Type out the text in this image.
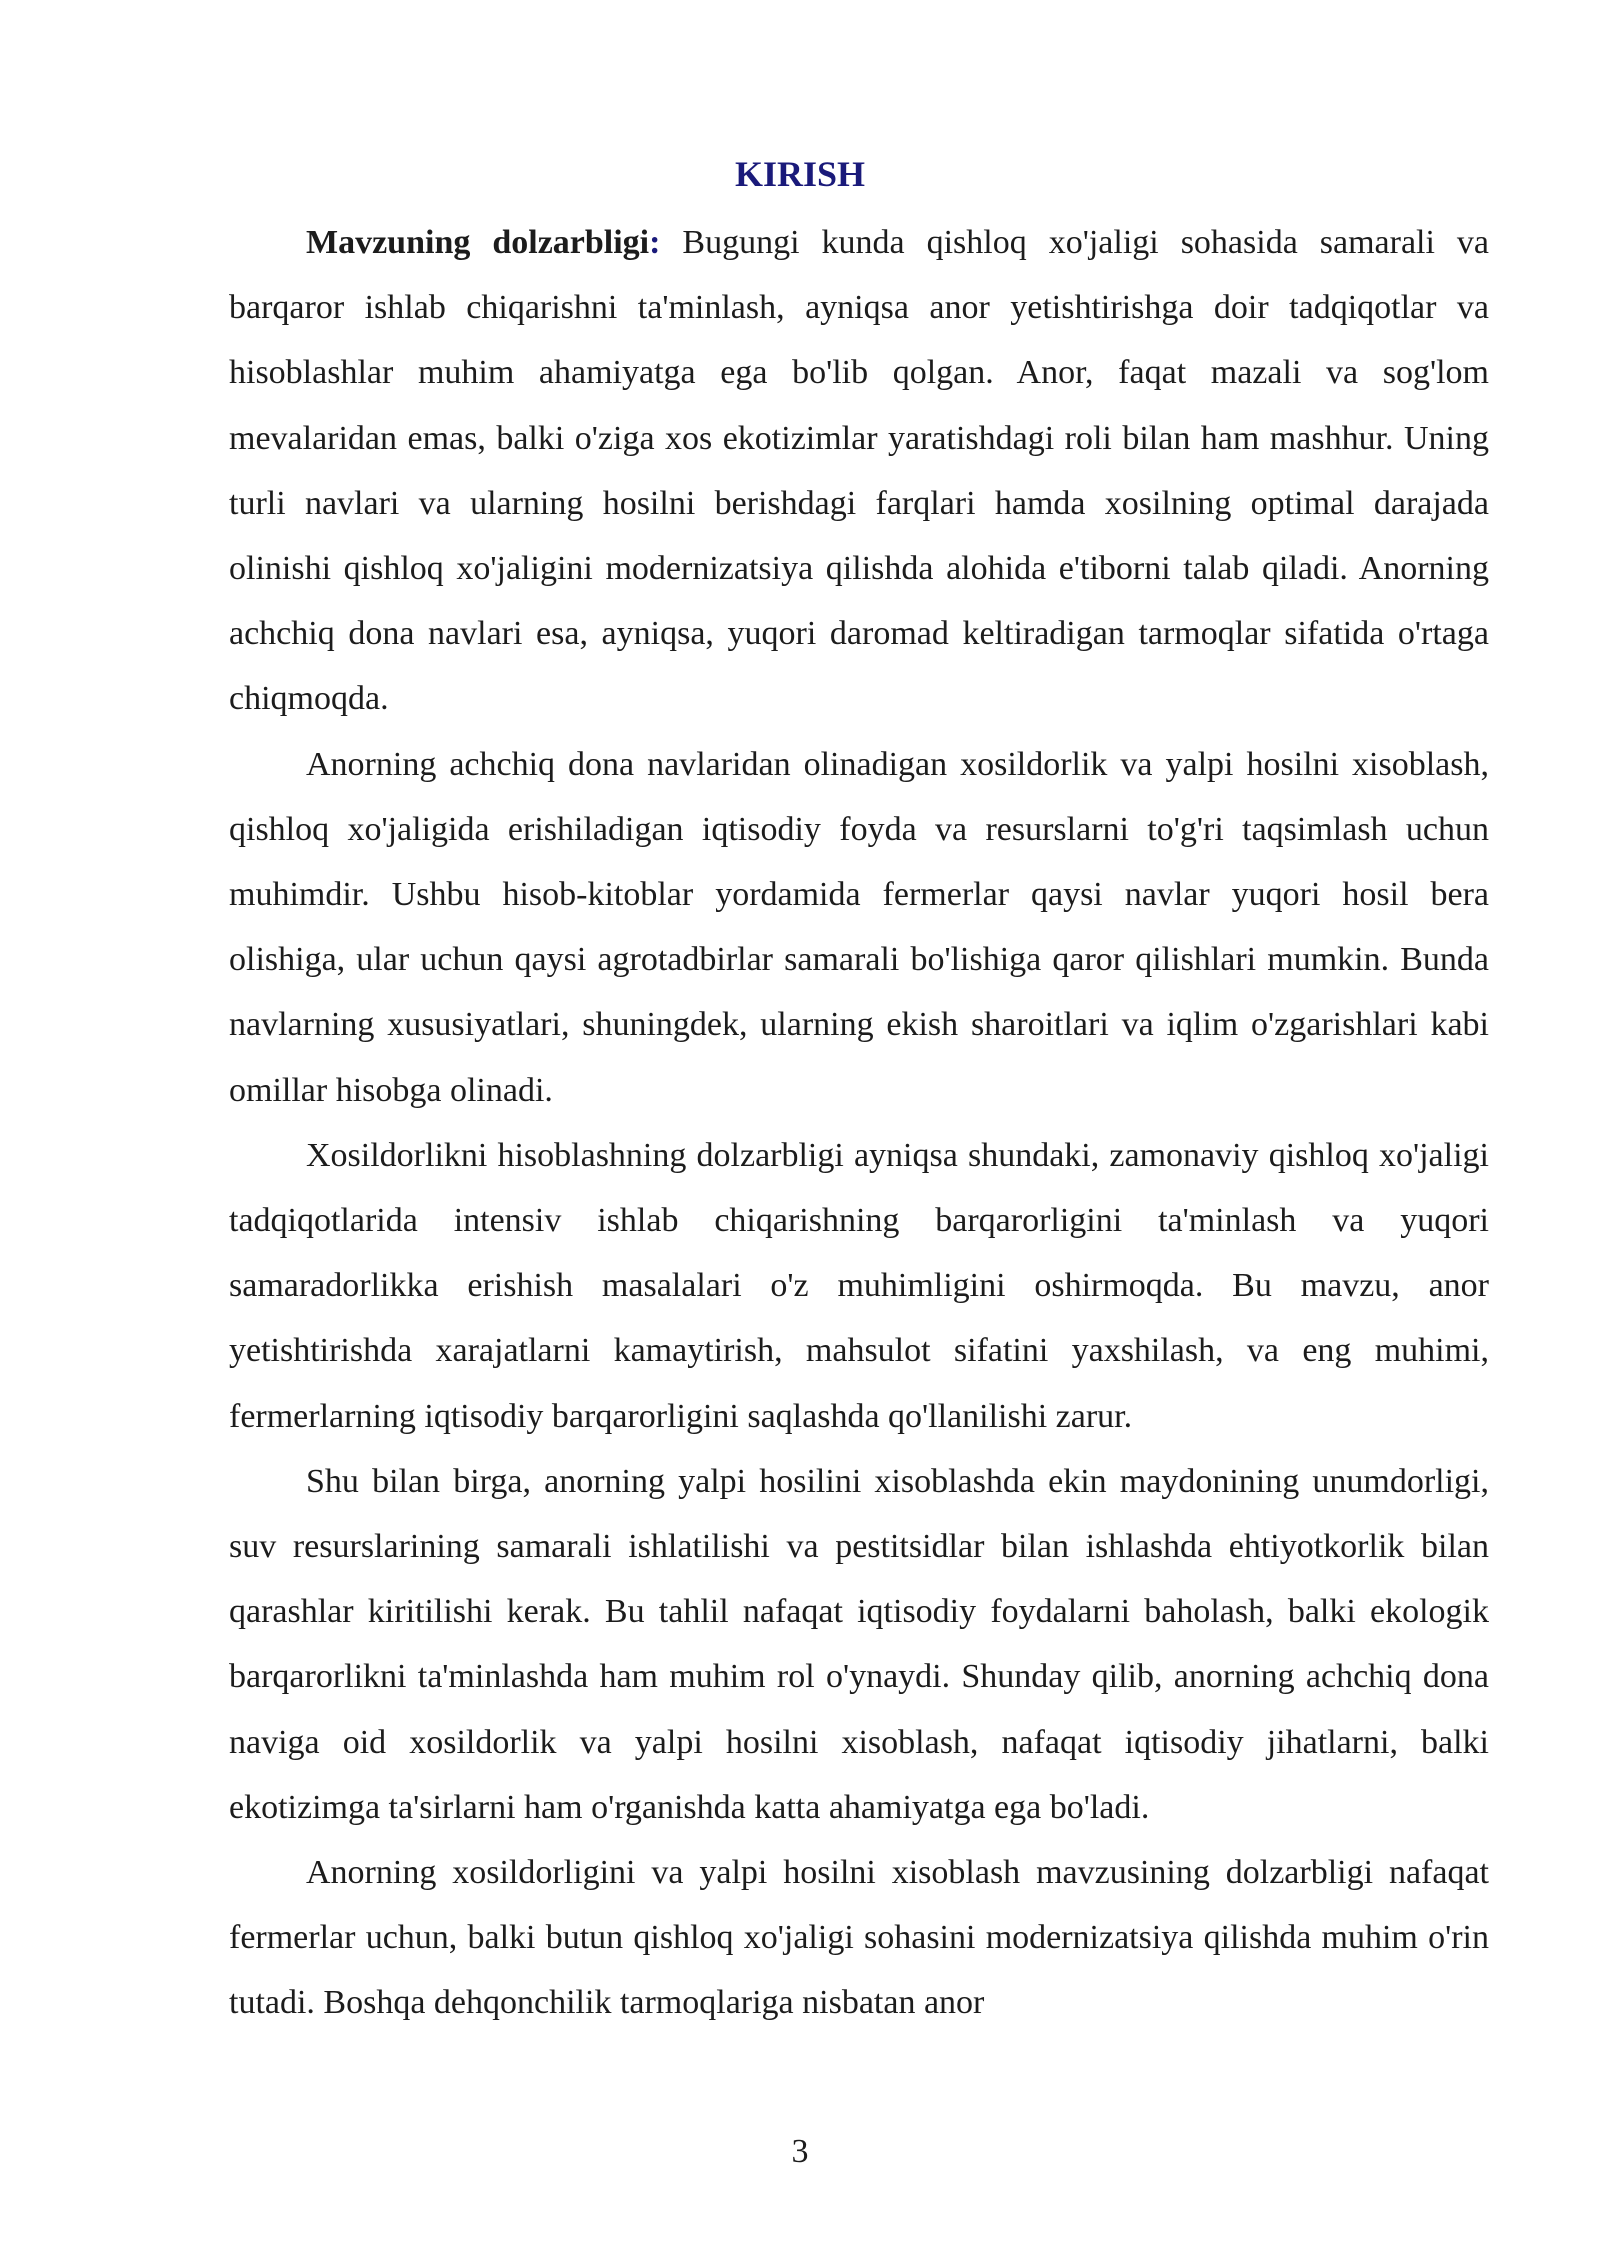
KIRISH

Mavzuning dolzarbligi: Bugungi kunda qishloq xo'jaligi sohasida samarali va barqaror ishlab chiqarishni ta'minlash, ayniqsa anor yetishtirishga doir tadqiqotlar va hisoblashlar muhim ahamiyatga ega bo'lib qolgan. Anor, faqat mazali va sog'lom mevalaridan emas, balki o'ziga xos ekotizimlar yaratishdagi roli bilan ham mashhur. Uning turli navlari va ularning hosilni berishdagi farqlari hamda xosilning optimal darajada olinishi qishloq xo'jaligini modernizatsiya qilishda alohida e'tiborni talab qiladi. Anorning achchiq dona navlari esa, ayniqsa, yuqori daromad keltiradigan tarmoqlar sifatida o'rtaga chiqmoqda.

Anorning achchiq dona navlaridan olinadigan xosildorlik va yalpi hosilni xisoblash, qishloq xo'jaligida erishiladigan iqtisodiy foyda va resurslarni to'g'ri taqsimlash uchun muhimdir. Ushbu hisob-kitoblar yordamida fermerlar qaysi navlar yuqori hosil bera olishiga, ular uchun qaysi agrotadbirlar samarali bo'lishiga qaror qilishlari mumkin. Bunda navlarning xususiyatlari, shuningdek, ularning ekish sharoitlari va iqlim o'zgarishlari kabi omillar hisobga olinadi.

Xosildorlikni hisoblashning dolzarbligi ayniqsa shundaki, zamonaviy qishloq xo'jaligi tadqiqotlarida intensiv ishlab chiqarishning barqarorligini ta'minlash va yuqori samaradorlikka erishish masalalari o'z muhimligini oshirmoqda. Bu mavzu, anor yetishtirishda xarajatlarni kamaytirish, mahsulot sifatini yaxshilash, va eng muhimi, fermerlarning iqtisodiy barqarorligini saqlashda qo'llanilishi zarur.

Shu bilan birga, anorning yalpi hosilini xisoblashda ekin maydonining unumdorligi, suv resurslarining samarali ishlatilishi va pestitsidlar bilan ishlashda ehtiyotkorlik bilan qarashlar kiritilishi kerak. Bu tahlil nafaqat iqtisodiy foydalarni baholash, balki ekologik barqarorlikni ta'minlashda ham muhim rol o'ynaydi. Shunday qilib, anorning achchiq dona naviga oid xosildorlik va yalpi hosilni xisoblash, nafaqat iqtisodiy jihatlarni, balki ekotizimga ta'sirlarni ham o'rganishda katta ahamiyatga ega bo'ladi.

Anorning xosildorligini va yalpi hosilni xisoblash mavzusining dolzarbligi nafaqat fermerlar uchun, balki butun qishloq xo'jaligi sohasini modernizatsiya qilishda muhim o'rin tutadi. Boshqa dehqonchilik tarmoqlariga nisbatan anor

3
